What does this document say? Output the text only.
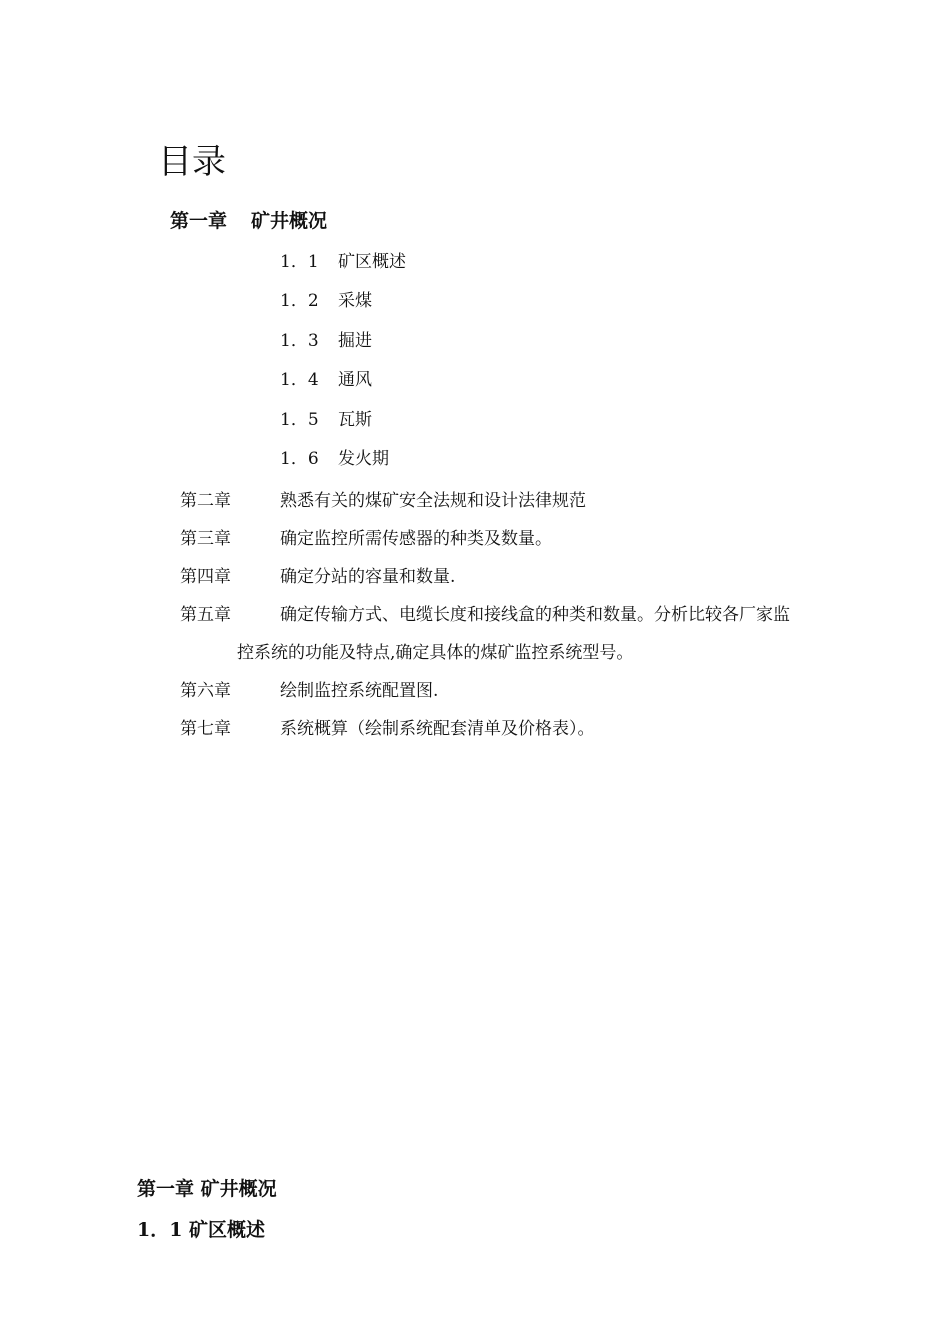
目录
第一章 矿井概况
1．1 矿区概述
1．2 采煤
1．3 掘进
1．4 通风
1．5 瓦斯
1．6 发火期
第二章	熟悉有关的煤矿安全法规和设计法律规范
第三章	确定监控所需传感器的种类及数量。
第四章	确定分站的容量和数量.
第五章	确定传输方式、电缆长度和接线盒的种类和数量。分析比较各厂家监
控系统的功能及特点,确定具体的煤矿监控系统型号。
第六章	绘制监控系统配置图.
第七章	系统概算（绘制系统配套清单及价格表）。
第一章 矿井概况
1．1 矿区概述
